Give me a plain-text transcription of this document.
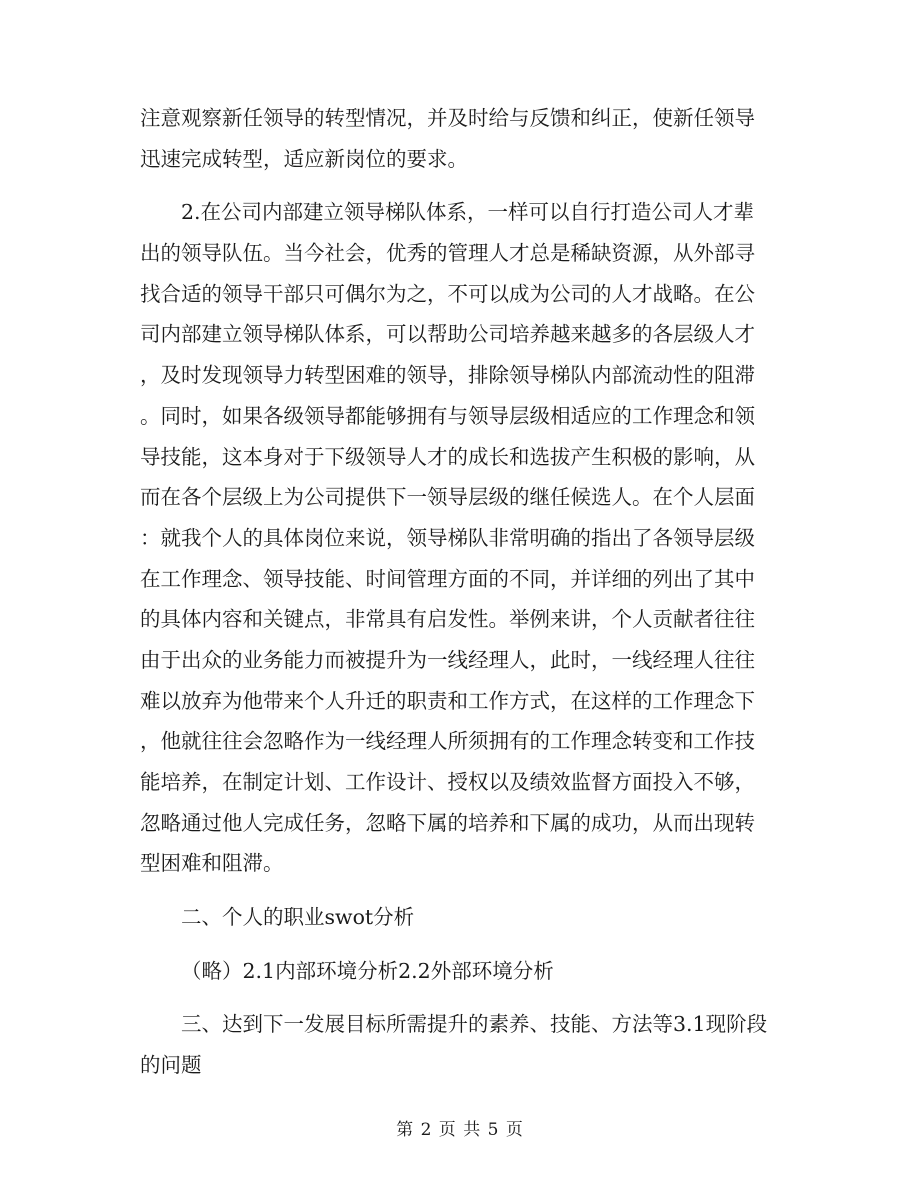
注意观察新任领导的转型情况，并及时给与反馈和纠正，使新任领导
迅速完成转型，适应新岗位的要求。
2.在公司内部建立领导梯队体系，一样可以自行打造公司人才辈
出的领导队伍。当今社会，优秀的管理人才总是稀缺资源，从外部寻
找合适的领导干部只可偶尔为之，不可以成为公司的人才战略。在公
司内部建立领导梯队体系，可以帮助公司培养越来越多的各层级人才
，及时发现领导力转型困难的领导，排除领导梯队内部流动性的阻滞
。同时，如果各级领导都能够拥有与领导层级相适应的工作理念和领
导技能，这本身对于下级领导人才的成长和选拔产生积极的影响，从
而在各个层级上为公司提供下一领导层级的继任候选人。在个人层面
：就我个人的具体岗位来说，领导梯队非常明确的指出了各领导层级
在工作理念、领导技能、时间管理方面的不同，并详细的列出了其中
的具体内容和关键点，非常具有启发性。举例来讲，个人贡献者往往
由于出众的业务能力而被提升为一线经理人，此时，一线经理人往往
难以放弃为他带来个人升迁的职责和工作方式，在这样的工作理念下
，他就往往会忽略作为一线经理人所须拥有的工作理念转变和工作技
能培养，在制定计划、工作设计、授权以及绩效监督方面投入不够，
忽略通过他人完成任务，忽略下属的培养和下属的成功，从而出现转
型困难和阻滞。
二、个人的职业swot分析
（略）2.1内部环境分析2.2外部环境分析
三、达到下一发展目标所需提升的素养、技能、方法等3.1现阶段
的问题
第 2 页 共 5 页
